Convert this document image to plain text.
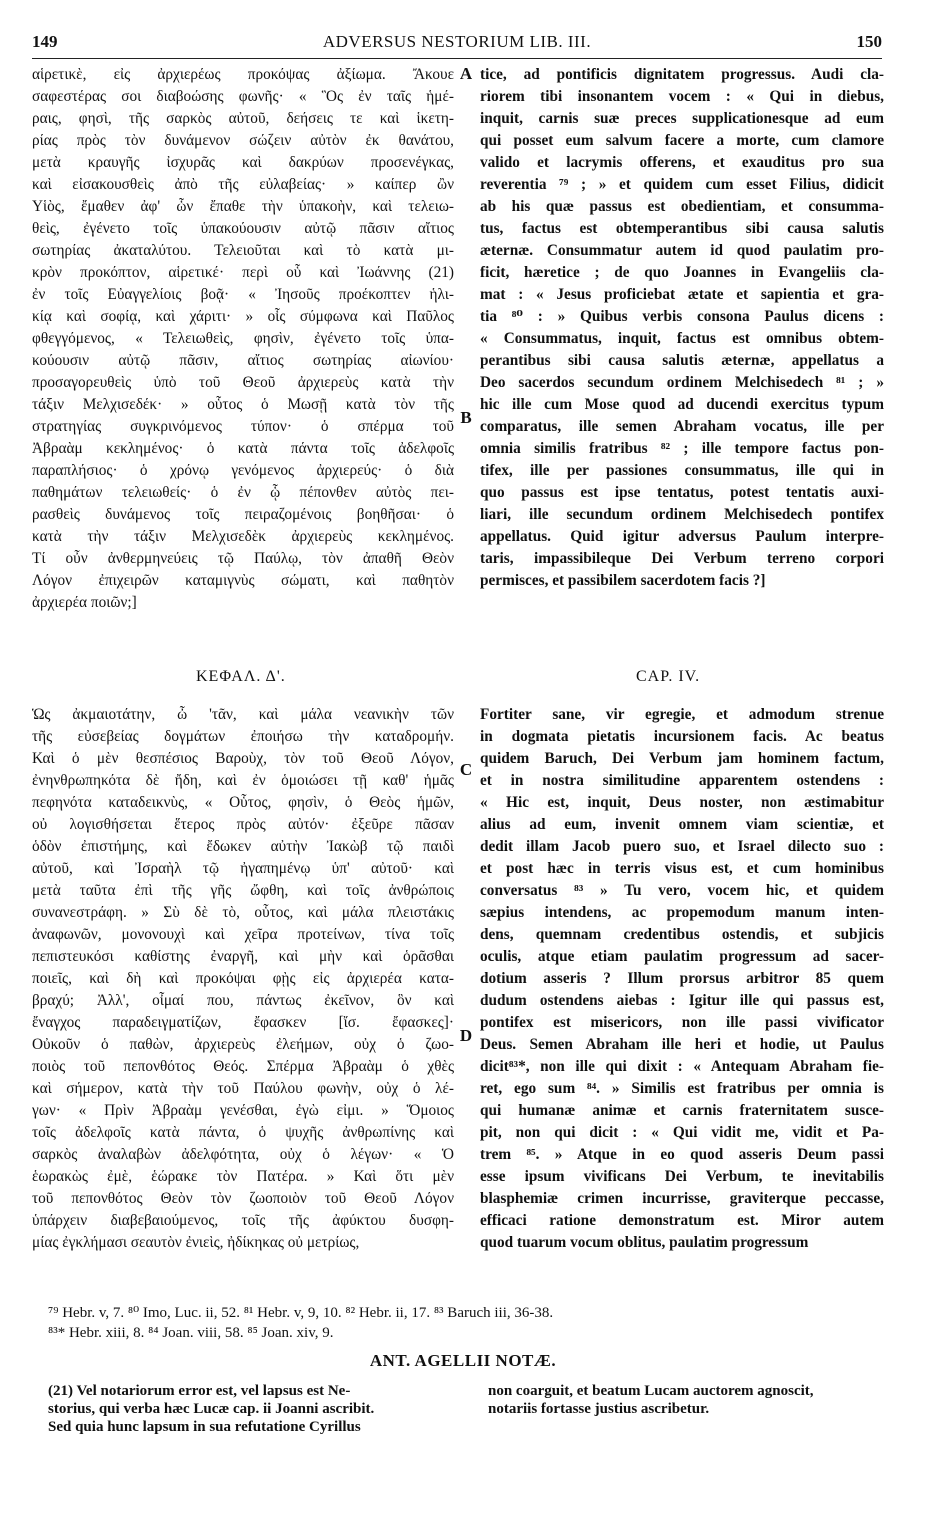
149	ADVERSUS NESTORIUM LIB. III.	150
αἱρετικὲ, εἰς ἀρχιερέως προκόψας ἀξίωμα. Ἄκουε
σαφεστέρας σοι διαβοώσης φωνῆς· « Ὃς ἐν ταῖς ἡμέ-
ραις, φησὶ, τῆς σαρκὸς αὐτοῦ, δεήσεις τε καὶ ἱκετη-
ρίας πρὸς τὸν δυνάμενον σώζειν αὐτὸν ἐκ θανάτου,
μετὰ κραυγῆς ἰσχυρᾶς καὶ δακρύων προσενέγκας,
καὶ εἰσακουσθεὶς ἀπὸ τῆς εὐλαβείας· » καίπερ ὢν
Υἱὸς, ἔμαθεν ἀφ' ὧν ἔπαθε τὴν ὑπακοὴν, καὶ τελειω-
θεὶς, ἐγένετο τοῖς ὑπακούουσιν αὐτῷ πᾶσιν αἴτιος
σωτηρίας ἀκαταλύτου. Τελειοῦται καὶ τὸ κατὰ μι-
κρὸν προκόπτον, αἱρετικέ· περὶ οὗ καὶ Ἰωάννης (21)
ἐν τοῖς Εὐαγγελίοις βοᾷ· « Ἰησοῦς προέκοπτεν ἡλι-
κίᾳ καὶ σοφίᾳ, καὶ χάριτι· » οἷς σύμφωνα καὶ Παῦλος
φθεγγόμενος, « Τελειωθεὶς, φησὶν, ἐγένετο τοῖς ὑπα-
κούουσιν αὐτῷ πᾶσιν, αἴτιος σωτηρίας αἰωνίου·
προσαγορευθεὶς ὑπὸ τοῦ Θεοῦ ἀρχιερεὺς κατὰ τὴν
τάξιν Μελχισεδέκ· » οὗτος ὁ Μωσῇ κατὰ τὸν τῆς
στρατηγίας συγκρινόμενος τύπον· ὁ σπέρμα τοῦ
Ἀβραὰμ κεκλημένος· ὁ κατὰ πάντα τοῖς ἀδελφοῖς
παραπλήσιος· ὁ χρόνῳ γενόμενος ἀρχιερεύς· ὁ διὰ
παθημάτων τελειωθείς· ὁ ἐν ᾧ πέπονθεν αὐτὸς πει-
ρασθεὶς δυνάμενος τοῖς πειραζομένοις βοηθῆσαι· ὁ
κατὰ τὴν τάξιν Μελχισεδὲκ ἀρχιερεὺς κεκλημένος.
Τί οὖν ἀνθερμηνεύεις τῷ Παύλῳ, τὸν ἀπαθῆ Θεὸν
Λόγον ἐπιχειρῶν καταμιγνὺς σώματι, καὶ παθητὸν
ἀρχιερέα ποιῶν;]
tice, ad pontificis dignitatem progressus. Audi cla-
riorem tibi insonantem vocem : « Qui in diebus,
inquit, carnis suæ preces supplicationesque ad eum
qui posset eum salvum facere a morte, cum clamore
valido et lacrymis offerens, et exauditus pro sua
reverentia ⁷⁹ ; » et quidem cum esset Filius, didicit
ab his quæ passus est obedientiam, et consumma-
tus, factus est obtemperantibus sibi causa salutis
æternæ. Consummatur autem id quod paulatim pro-
ficit, hæretice ; de quo Joannes in Evangeliis cla-
mat : « Jesus proficiebat ætate et sapientia et gra-
tia ⁸⁰ : » Quibus verbis consona Paulus dicens :
« Consummatus, inquit, factus est omnibus obtem-
perantibus sibi causa salutis æternæ, appellatus a
Deo sacerdos secundum ordinem Melchisedech ⁸¹ ; »
hic ille cum Mose quod ad ducendi exercitus typum
comparatus, ille semen Abraham vocatus, ille per
omnia similis fratribus ⁸² ; ille tempore factus pon-
tifex, ille per passiones consummatus, ille qui in
quo passus est ipse tentatus, potest tentatis auxi-
liari, ille secundum ordinem Melchisedech pontifex
appellatus. Quid igitur adversus Paulum interpre-
taris, impassibileque Dei Verbum terreno corpori
permisces, et passibilem sacerdotem facis ?]
A
B
ΚΕΦΑΛ. Δ'.	CAP. IV.
Ὡς ἀκμαιοτάτην, ὦ 'τᾶν, καὶ μάλα νεανικὴν τῶν
τῆς εὐσεβείας δογμάτων ἐποιήσω τὴν καταδρομήν.
Καὶ ὁ μὲν θεσπέσιος Βαροὺχ, τὸν τοῦ Θεοῦ Λόγον,
ἐνηνθρωπηκότα δὲ ἤδη, καὶ ἐν ὁμοιώσει τῇ καθ' ἡμᾶς
πεφηνότα καταδεικνὺς, « Οὗτος, φησὶν, ὁ Θεὸς ἡμῶν,
οὐ λογισθήσεται ἕτερος πρὸς αὐτόν· ἐξεῦρε πᾶσαν
ὁδὸν ἐπιστήμης, καὶ ἔδωκεν αὐτὴν Ἰακὼβ τῷ παιδὶ
αὐτοῦ, καὶ Ἰσραὴλ τῷ ἠγαπημένῳ ὑπ' αὐτοῦ· καὶ
μετὰ ταῦτα ἐπὶ τῆς γῆς ὤφθη, καὶ τοῖς ἀνθρώποις
συνανεστράφη. » Σὺ δὲ τὸ, οὗτος, καὶ μάλα πλειστάκις
ἀναφωνῶν, μονονουχὶ καὶ χεῖρα προτείνων, τίνα τοῖς
πεπιστευκόσι καθίστης ἐναργῆ, καὶ μὴν καὶ ὁρᾶσθαι
ποιεῖς, καὶ δὴ καὶ προκόψαι φῂς εἰς ἀρχιερέα κατα-
βραχύ; Ἀλλ', οἶμαί που, πάντως ἐκεῖνον, ὃν καὶ
ἔναγχος παραδειγματίζων, ἔφασκεν [ἴσ. ἔφασκες]·
Οὐκοῦν ὁ παθὼν, ἀρχιερεὺς ἐλεήμων, οὐχ ὁ ζωο-
ποιὸς τοῦ πεπονθότος Θεός. Σπέρμα Ἀβραὰμ ὁ χθὲς
καὶ σήμερον, κατὰ τὴν τοῦ Παύλου φωνὴν, οὐχ ὁ λέ-
γων· « Πρὶν Ἀβραὰμ γενέσθαι, ἐγὼ εἰμι. » Ὅμοιος
τοῖς ἀδελφοῖς κατὰ πάντα, ὁ ψυχῆς ἀνθρωπίνης καὶ
σαρκὸς ἀναλαβὼν ἀδελφότητα, οὐχ ὁ λέγων· « Ὁ
ἑωρακὼς ἐμὲ, ἑώρακε τὸν Πατέρα. » Καὶ ὅτι μὲν
τοῦ πεπονθότος Θεὸν τὸν ζωοποιὸν τοῦ Θεοῦ Λόγον
ὑπάρχειν διαβεβαιούμενος, τοῖς τῆς ἀφύκτου δυσφη-
μίας ἐγκλήμασι σεαυτὸν ἐνιεὶς, ἠδίκηκας οὐ μετρίως,
Fortiter sane, vir egregie, et admodum strenue
in dogmata pietatis incursionem facis. Ac beatus
quidem Baruch, Dei Verbum jam hominem factum,
et in nostra similitudine apparentem ostendens :
« Hic est, inquit, Deus noster, non æstimabitur
alius ad eum, invenit omnem viam scientiæ, et
dedit illam Jacob puero suo, et Israel dilecto suo :
et post hæc in terris visus est, et cum hominibus
conversatus ⁸³ » Tu vero, vocem hic, et quidem
sæpius intendens, ac propemodum manum inten-
dens, quemnam credentibus ostendis, et subjicis
oculis, atque etiam paulatim progressum ad sacer-
dotium asseris ? Illum prorsus arbitror 85 quem
dudum ostendens aiebas : Igitur ille qui passus est,
pontifex est misericors, non ille passi vivificator
Deus. Semen Abraham ille heri et hodie, ut Paulus
dicit⁸³*, non ille qui dixit : « Antequam Abraham fie-
ret, ego sum ⁸⁴. » Similis est fratribus per omnia is
qui humanæ animæ et carnis fraternitatem susce-
pit, non qui dicit : « Qui vidit me, vidit et Pa-
trem ⁸⁵. » Atque in eo quod asseris Deum passi
esse ipsum vivificans Dei Verbum, te inevitabilis
blasphemiæ crimen incurrisse, graviterque peccasse,
efficaci ratione demonstratum est. Miror autem
quod tuarum vocum oblitus, paulatim progressum
C
D
⁷⁹ Hebr. v, 7. ⁸⁰ Imo, Luc. ii, 52. ⁸¹ Hebr. v, 9, 10. ⁸² Hebr. ii, 17. ⁸³ Baruch iii, 36-38.
⁸³* Hebr. xiii, 8. ⁸⁴ Joan. viii, 58. ⁸⁵ Joan. xiv, 9.
ANT. AGELLII NOTÆ.
(21) Vel notariorum error est, vel lapsus est Ne-
storius, qui verba hæc Lucæ cap. ii Joanni ascribit.
Sed quia hunc lapsum in sua refutatione Cyrillus
non coarguit, et beatum Lucam auctorem agnoscit,
notariis fortasse justius ascribetur.
